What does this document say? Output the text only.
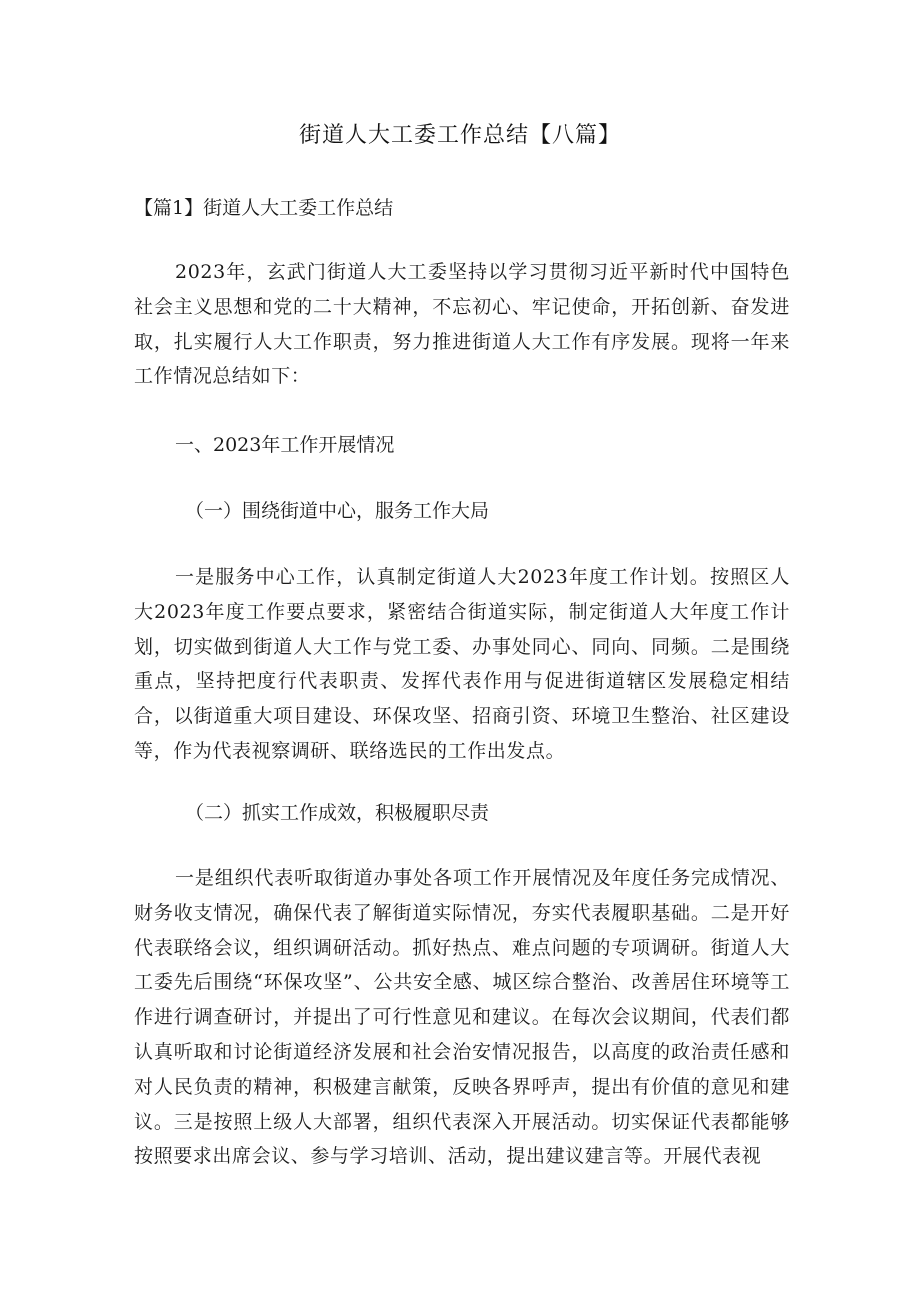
街道人大工委工作总结【八篇】
【篇1】街道人大工委工作总结
2023年，玄武门街道人大工委坚持以学习贯彻习近平新时代中国特色社会主义思想和党的二十大精神，不忘初心、牢记使命，开拓创新、奋发进取，扎实履行人大工作职责，努力推进街道人大工作有序发展。现将一年来工作情况总结如下：
一、2023年工作开展情况
（一）围绕街道中心，服务工作大局
一是服务中心工作，认真制定街道人大2023年度工作计划。按照区人大2023年度工作要点要求，紧密结合街道实际，制定街道人大年度工作计划，切实做到街道人大工作与党工委、办事处同心、同向、同频。二是围绕重点，坚持把度行代表职责、发挥代表作用与促进街道辖区发展稳定相结合，以街道重大项目建设、环保攻坚、招商引资、环境卫生整治、社区建设等，作为代表视察调研、联络选民的工作出发点。
（二）抓实工作成效，积极履职尽责
一是组织代表听取街道办事处各项工作开展情况及年度任务完成情况、财务收支情况，确保代表了解街道实际情况，夯实代表履职基础。二是开好代表联络会议，组织调研活动。抓好热点、难点问题的专项调研。街道人大工委先后围绕“环保攻坚”、公共安全感、城区综合整治、改善居住环境等工作进行调查研讨，并提出了可行性意见和建议。在每次会议期间，代表们都认真听取和讨论街道经济发展和社会治安情况报告，以高度的政治责任感和对人民负责的精神，积极建言献策，反映各界呼声，提出有价值的意见和建议。三是按照上级人大部署，组织代表深入开展活动。切实保证代表都能够按照要求出席会议、参与学习培训、活动，提出建议建言等。开展代表视
